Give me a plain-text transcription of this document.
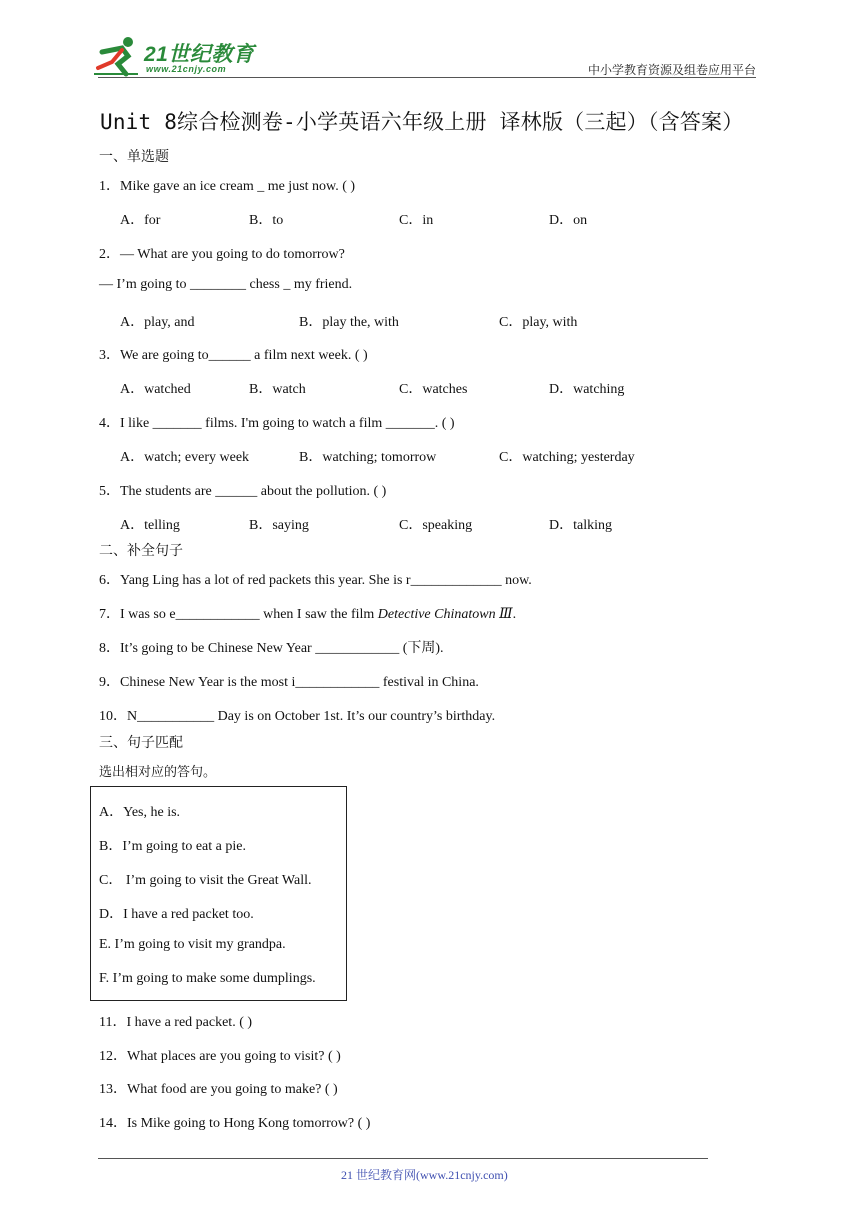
21世纪教育
www.21cnjy.com	中小学教育资源及组卷应用平台
Unit 8综合检测卷-小学英语六年级上册 译林版（三起）（含答案）
一、单选题
1．Mike gave an ice cream _ me just now. ( )
A．for	B．to	C．in	D．on
2．— What are you going to do tomorrow?
— I’m going to ________ chess _ my friend.
A．play, and	B．play the, with	C．play, with
3．We are going to______ a film next week. ( )
A．watched	B．watch	C．watches	D．watching
4．I like _______ films. I'm going to watch a film _______. ( )
A．watch; every week	B．watching; tomorrow	C．watching; yesterday
5．The students are ______ about the pollution. ( )
A．telling	B．saying	C．speaking	D．talking
二、补全句子
6．Yang Ling has a lot of red packets this year. She is r_____________ now.
7．I was so e____________ when I saw the film Detective Chinatown Ⅲ.
8．It’s going to be Chinese New Year ____________ (下周).
9．Chinese New Year is the most i____________ festival in China.
10．N___________ Day is on October 1st. It’s our country’s birthday.
三、句子匹配
选出相对应的答句。
A．Yes, he is.
B．I’m going to eat a pie.
C． I’m going to visit the Great Wall.
D．I have a red packet too.
E. I’m going to visit my grandpa.
F. I’m going to make some dumplings.
11．I have a red packet. ( )
12．What places are you going to visit? ( )
13．What food are you going to make? ( )
14．Is Mike going to Hong Kong tomorrow? ( )
21 世纪教育网(www.21cnjy.com)
